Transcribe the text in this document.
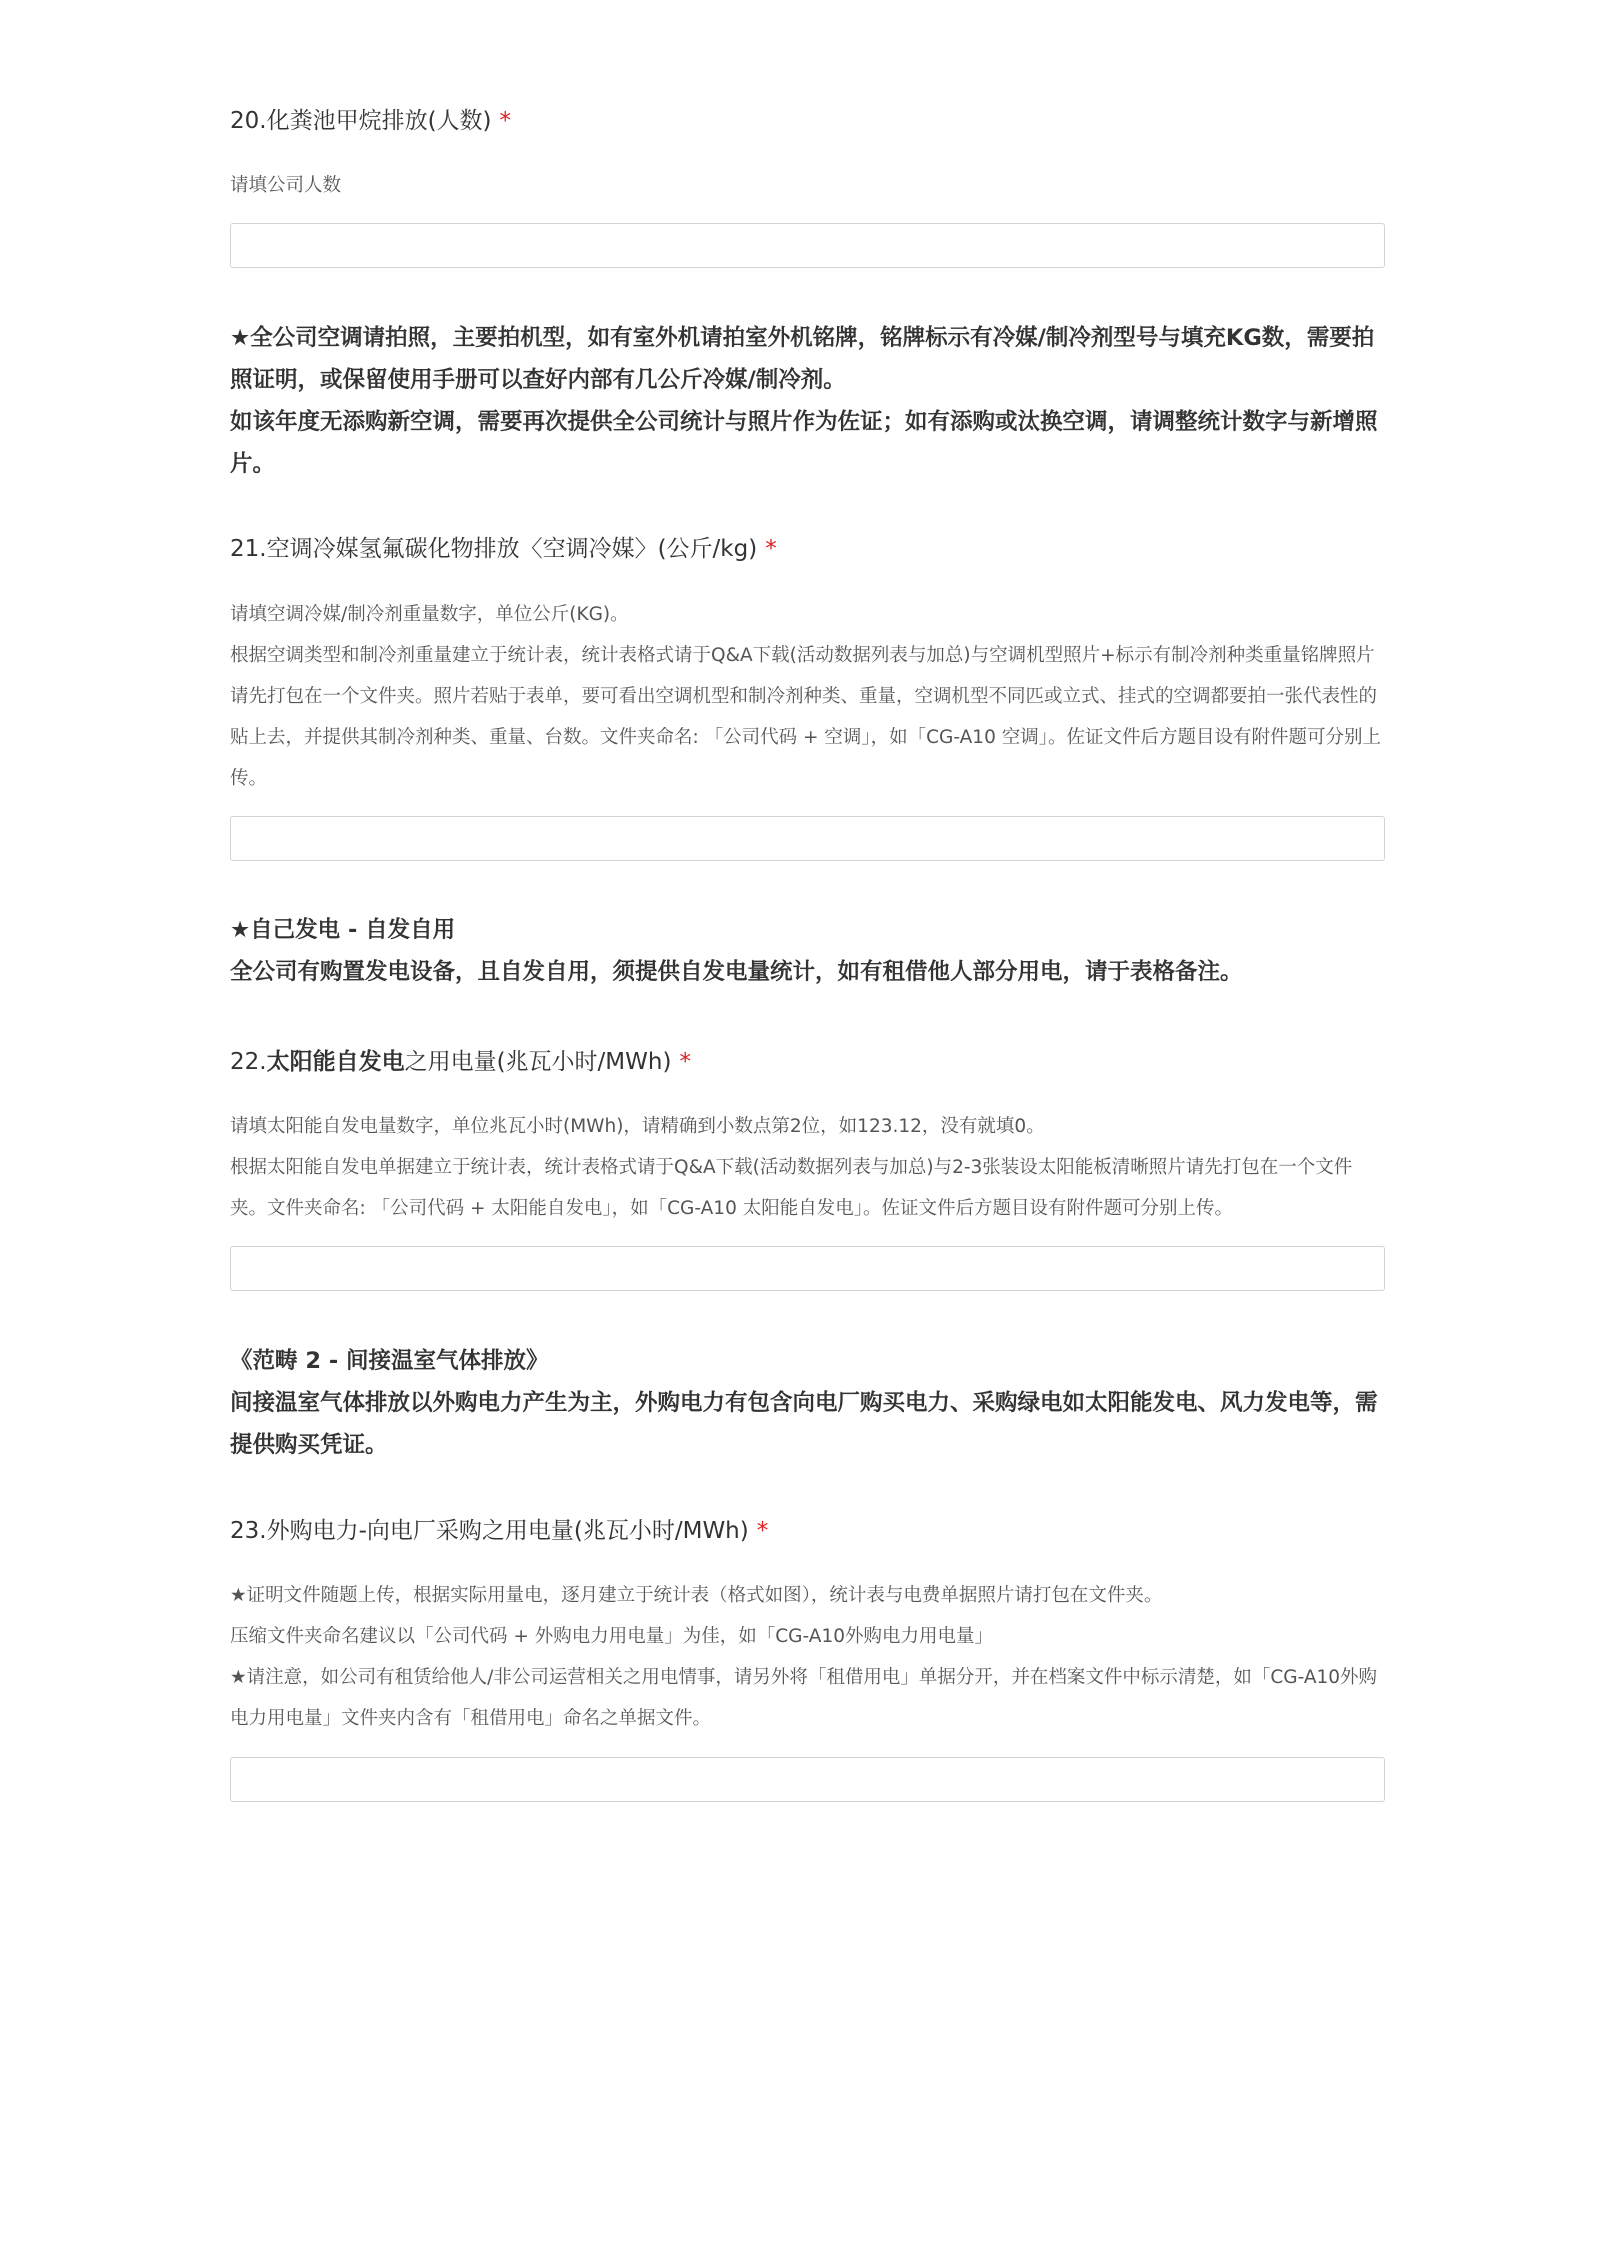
20.化粪池甲烷排放(人数) *

请填公司人数

★全公司空调请拍照，主要拍机型，如有室外机请拍室外机铭牌，铭牌标示有冷媒/制冷剂型号与填充KG数，需要拍照证明，或保留使用手册可以查好内部有几公斤冷媒/制冷剂。

如该年度无添购新空调，需要再次提供全公司统计与照片作为佐证；如有添购或汰换空调，请调整统计数字与新增照片。

21.空调冷媒氢氟碳化物排放〈空调冷媒〉(公斤/kg) *

请填空调冷媒/制冷剂重量数字，单位公斤(KG)。

根据空调类型和制冷剂重量建立于统计表，统计表格式请于Q&A下载(活动数据列表与加总)与空调机型照片+标示有制冷剂种类重量铭牌照片请先打包在一个文件夹。照片若贴于表单，要可看出空调机型和制冷剂种类、重量，空调机型不同匹或立式、挂式的空调都要拍一张代表性的贴上去，并提供其制冷剂种类、重量、台数。文件夹命名: 「公司代码 + 空调」，如「CG-A10 空调」。佐证文件后方题目设有附件题可分别上传。

★自己发电 - 自发自用

全公司有购置发电设备，且自发自用，须提供自发电量统计，如有租借他人部分用电，请于表格备注。

22.太阳能自发电之用电量(兆瓦小时/MWh) *

请填太阳能自发电量数字，单位兆瓦小时(MWh)，请精确到小数点第2位，如123.12，没有就填0。

根据太阳能自发电单据建立于统计表，统计表格式请于Q&A下载(活动数据列表与加总)与2-3张装设太阳能板清晰照片请先打包在一个文件夹。文件夹命名: 「公司代码 + 太阳能自发电」，如「CG-A10 太阳能自发电」。佐证文件后方题目设有附件题可分别上传。

《范畴 2 - 间接温室气体排放》

间接温室气体排放以外购电力产生为主，外购电力有包含向电厂购买电力、采购绿电如太阳能发电、风力发电等，需提供购买凭证。

23.外购电力-向电厂采购之用电量(兆瓦小时/MWh) *

★证明文件随题上传，根据实际用量电，逐月建立于统计表（格式如图），统计表与电费单据照片请打包在文件夹。

压缩文件夹命名建议以「公司代码 + 外购电力用电量」为佳，如「CG-A10外购电力用电量」

★请注意，如公司有租赁给他人/非公司运营相关之用电情事，请另外将「租借用电」单据分开，并在档案文件中标示清楚，如「CG-A10外购电力用电量」文件夹内含有「租借用电」命名之单据文件。
